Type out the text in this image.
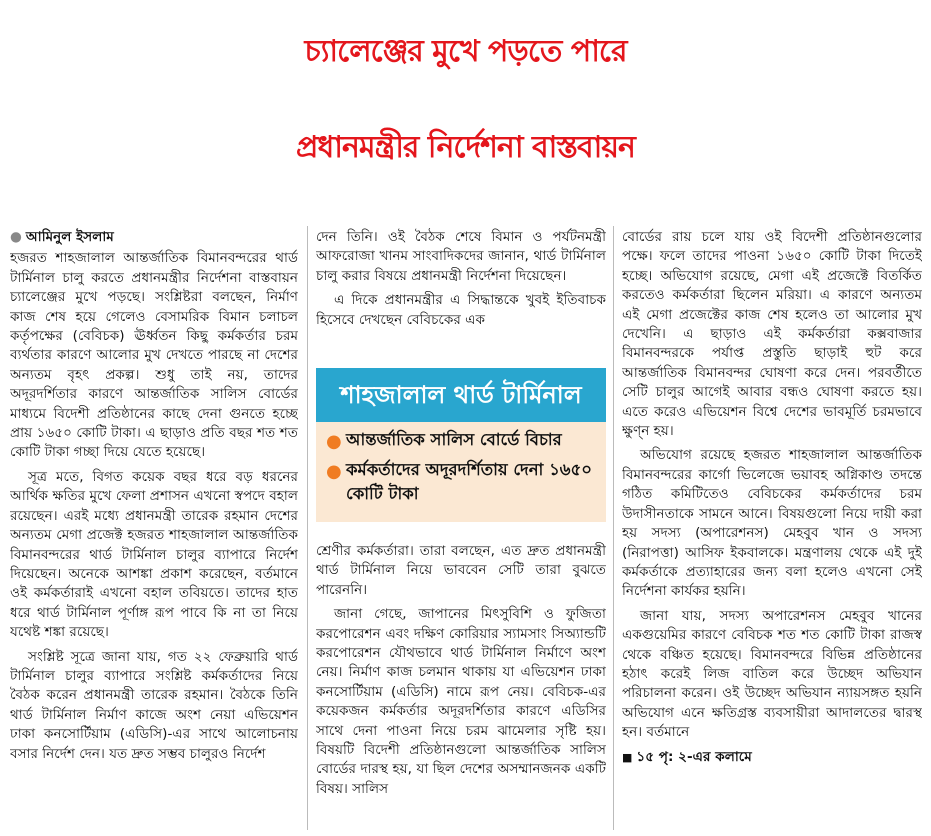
চ্যালেঞ্জের মুখে পড়তে পারে
প্রধানমন্ত্রীর নির্দেশনা বাস্তবায়ন
● আমিনুল ইসলাম

হজরত শাহজালাল আন্তর্জাতিক বিমানবন্দরের থার্ড টার্মিনাল চালু করতে প্রধানমন্ত্রীর নির্দেশনা বাস্তবায়ন চ্যালেঞ্জের মুখে পড়ছে। সংশ্লিষ্টরা বলছেন, নির্মাণ কাজ শেষ হয়ে গেলেও বেসামরিক বিমান চলাচল কর্তৃপক্ষের (বেবিচক) ঊর্ধ্বতন কিছু কর্মকর্তার চরম ব্যর্থতার কারণে আলোর মুখ দেখতে পারছে না দেশের অন্যতম বৃহৎ প্রকল্প। শুধু তাই নয়, তাদের অদূরদর্শিতার কারণে আন্তর্জাতিক সালিস বোর্ডের মাধ্যমে বিদেশী প্রতিষ্ঠানের কাছে দেনা গুনতে হচ্ছে প্রায় ১৬৫০ কোটি টাকা। এ ছাড়াও প্রতি বছর শত শত কোটি টাকা গচ্ছা দিয়ে যেতে হয়েছে।

সূত্র মতে, বিগত কয়েক বছর ধরে বড় ধরনের আর্থিক ক্ষতির মুখে ফেলা প্রশাসন এখনো স্বপদে বহাল রয়েছেন। এরই মধ্যে প্রধানমন্ত্রী তারেক রহমান দেশের অন্যতম মেগা প্রজেক্ট হজরত শাহজালাল আন্তর্জাতিক বিমানবন্দরের থার্ড টার্মিনাল চালুর ব্যাপারে নির্দেশ দিয়েছেন। অনেকে আশঙ্কা প্রকাশ করেছেন, বর্তমানে ওই কর্মকর্তারাই এখনো বহাল তবিয়তে। তাদের হাত ধরে থার্ড টার্মিনাল পূর্ণাঙ্গ রূপ পাবে কি না তা নিয়ে যথেষ্ট শঙ্কা রয়েছে।

সংশ্লিষ্ট সূত্রে জানা যায়, গত ২২ ফেব্রুয়ারি থার্ড টার্মিনাল চালুর ব্যাপারে সংশ্লিষ্ট কর্মকর্তাদের নিয়ে বৈঠক করেন প্রধানমন্ত্রী তারেক রহমান। বৈঠকে তিনি থার্ড টার্মিনাল নির্মাণ কাজে অংশ নেয়া এভিয়েশন ঢাকা কনসোর্টিয়াম (এডিসি)-এর সাথে আলোচনায় বসার নির্দেশ দেন। যত দ্রুত সম্ভব চালুরও নির্দেশ

দেন তিনি। ওই বৈঠক শেষে বিমান ও পর্যটনমন্ত্রী আফরোজা খানম সাংবাদিকদের জানান, থার্ড টার্মিনাল চালু করার বিষয়ে প্রধানমন্ত্রী নির্দেশনা দিয়েছেন।

এ দিকে প্রধানমন্ত্রীর এ সিদ্ধান্তকে খুবই ইতিবাচক হিসেবে দেখছেন বেবিচকের এক

শাহজালাল থার্ড টার্মিনাল
● আন্তর্জাতিক সালিস বোর্ডে বিচার
● কর্মকর্তাদের অদূরদর্শিতায় দেনা ১৬৫০ কোটি টাকা

শ্রেণীর কর্মকর্তারা। তারা বলছেন, এত দ্রুত প্রধানমন্ত্রী থার্ড টার্মিনাল নিয়ে ভাববেন সেটি তারা বুঝতে পারেননি।

জানা গেছে, জাপানের মিৎসুবিশি ও ফুজিতা করপোরেশন এবং দক্ষিণ কোরিয়ার স্যামসাং সিঅ্যান্ডটি করপোরেশন যৌথভাবে থার্ড টার্মিনাল নির্মাণে অংশ নেয়। নির্মাণ কাজ চলমান থাকায় যা এভিয়েশন ঢাকা কনসোর্টিয়াম (এডিসি) নামে রূপ নেয়। বেবিচক-এর কয়েকজন কর্মকর্তার অদূরদর্শিতার কারণে এডিসির সাথে দেনা পাওনা নিয়ে চরম ঝামেলার সৃষ্টি হয়। বিষয়টি বিদেশী প্রতিষ্ঠানগুলো আন্তর্জাতিক সালিস বোর্ডের দারস্থ হয়, যা ছিল দেশের অসম্মানজনক একটি বিষয়। সালিস

বোর্ডের রায় চলে যায় ওই বিদেশী প্রতিষ্ঠানগুলোর পক্ষে। ফলে তাদের পাওনা ১৬৫০ কোটি টাকা দিতেই হচ্ছে। অভিযোগ রয়েছে, মেগা এই প্রজেক্টে বিতর্কিত করতেও কর্মকর্তারা ছিলেন মরিয়া। এ কারণে অন্যতম এই মেগা প্রজেক্টের কাজ শেষ হলেও তা আলোর মুখ দেখেনি। এ ছাড়াও এই কর্মকর্তারা কক্সবাজার বিমানবন্দরকে পর্যাপ্ত প্রস্তুতি ছাড়াই হুট করে আন্তর্জাতিক বিমানবন্দর ঘোষণা করে দেন। পরবর্তীতে সেটি চালুর আগেই আবার বন্ধও ঘোষণা করতে হয়। এতে করেও এভিয়েশন বিশ্বে দেশের ভাবমূর্তি চরমভাবে ক্ষুণ্ন হয়।

অভিযোগ রয়েছে হজরত শাহজালাল আন্তর্জাতিক বিমানবন্দরের কার্গো ভিলেজে ভয়াবহ অগ্নিকাণ্ড তদন্তে গঠিত কমিটিতেও বেবিচকের কর্মকর্তাদের চরম উদাসীনতাকে সামনে আনে। বিষয়গুলো নিয়ে দায়ী করা হয় সদস্য (অপারেশনস) মেহবুব খান ও সদস্য (নিরাপত্তা) আসিফ ইকবালকে। মন্ত্রণালয় থেকে এই দুই কর্মকর্তাকে প্রত্যাহারের জন্য বলা হলেও এখনো সেই নির্দেশনা কার্যকর হয়নি।

জানা যায়, সদস্য অপারেশনস মেহবুব খানের একগুয়েমির কারণে বেবিচক শত শত কোটি টাকা রাজস্ব থেকে বঞ্চিত হয়েছে। বিমানবন্দরে বিভিন্ন প্রতিষ্ঠানের হঠাৎ করেই লিজ বাতিল করে উচ্ছেদ অভিযান পরিচালনা করেন। ওই উচ্ছেদ অভিযান ন্যায়সঙ্গত হয়নি অভিযোগ এনে ক্ষতিগ্রস্ত ব্যবসায়ীরা আদালতের দ্বারস্থ হন। বর্তমানে

■ ১৫ পৃ: ২-এর কলামে
